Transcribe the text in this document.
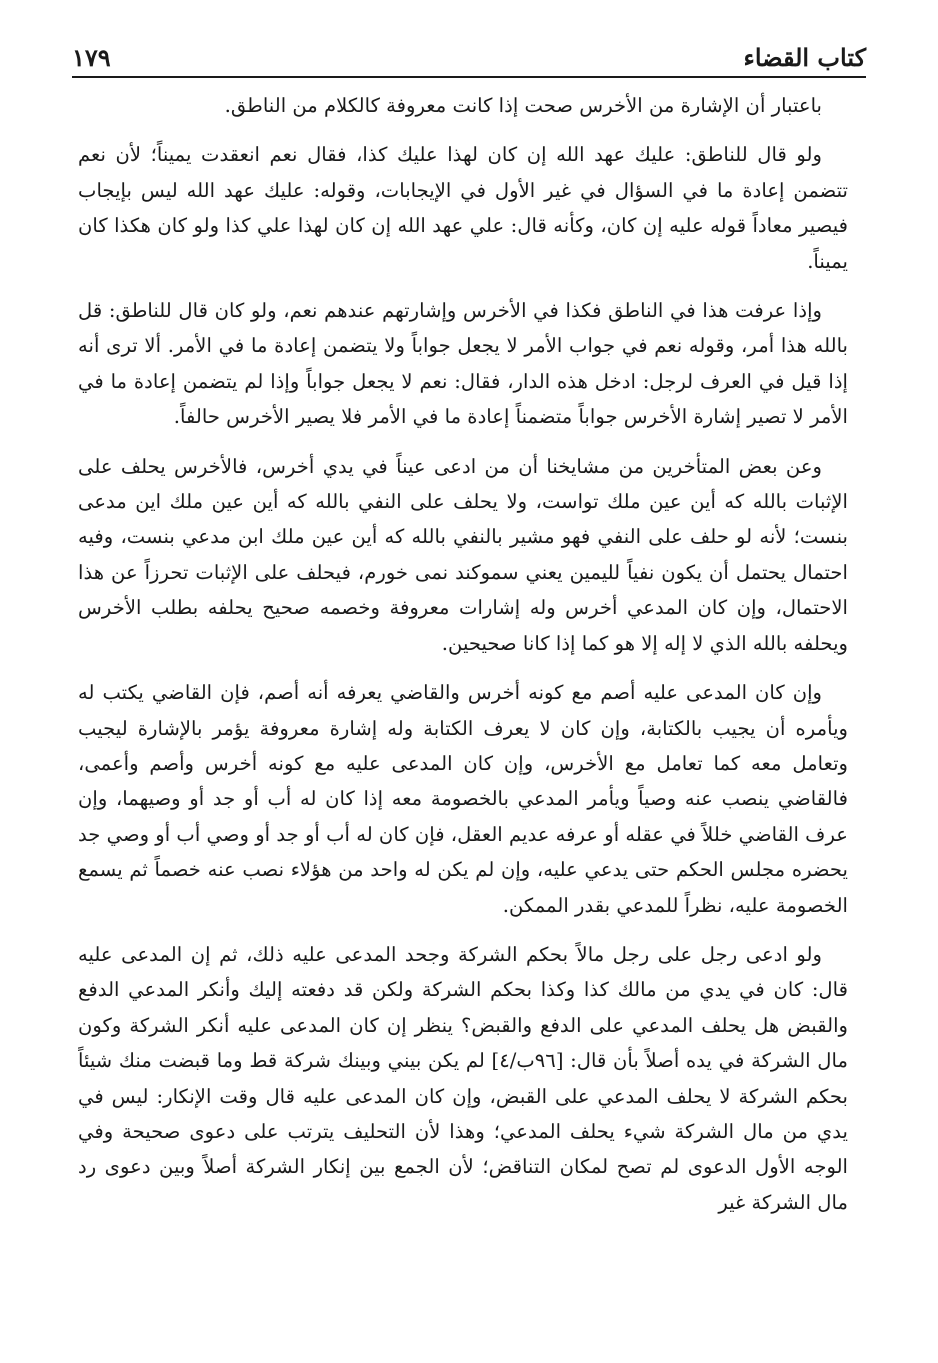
١٧٩	كتاب القضاء

باعتبار أن الإشارة من الأخرس صحت إذا كانت معروفة كالكلام من الناطق.

ولو قال للناطق: عليك عهد الله إن كان لهذا عليك كذا، فقال نعم انعقدت يميناً؛ لأن نعم تتضمن إعادة ما في السؤال في غير الأول في الإيجابات، وقوله: عليك عهد الله ليس بإيجاب فيصير معاداً قوله عليه إن كان، وكأنه قال: علي عهد الله إن كان لهذا علي كذا ولو كان هكذا كان يميناً.

وإذا عرفت هذا في الناطق فكذا في الأخرس وإشارتهم عندهم نعم، ولو كان قال للناطق: قل بالله هذا أمر، وقوله نعم في جواب الأمر لا يجعل جواباً ولا يتضمن إعادة ما في الأمر. ألا ترى أنه إذا قيل في العرف لرجل: ادخل هذه الدار، فقال: نعم لا يجعل جواباً وإذا لم يتضمن إعادة ما في الأمر لا تصير إشارة الأخرس جواباً متضمناً إعادة ما في الأمر فلا يصير الأخرس حالفاً.

وعن بعض المتأخرين من مشايخنا أن من ادعى عيناً في يدي أخرس، فالأخرس يحلف على الإثبات بالله كه أين عين ملك تواست، ولا يحلف على النفي بالله كه أين عين ملك اين مدعى بنست؛ لأنه لو حلف على النفي فهو مشير بالنفي بالله كه أين عين ملك ابن مدعي بنست، وفيه احتمال يحتمل أن يكون نفياً لليمين يعني سموكند نمى خورم، فيحلف على الإثبات تحرزاً عن هذا الاحتمال، وإن كان المدعي أخرس وله إشارات معروفة وخصمه صحيح يحلفه بطلب الأخرس ويحلفه بالله الذي لا إله إلا هو كما إذا كانا صحيحين.

وإن كان المدعى عليه أصم مع كونه أخرس والقاضي يعرفه أنه أصم، فإن القاضي يكتب له ويأمره أن يجيب بالكتابة، وإن كان لا يعرف الكتابة وله إشارة معروفة يؤمر بالإشارة ليجيب وتعامل معه كما تعامل مع الأخرس، وإن كان المدعى عليه مع كونه أخرس وأصم وأعمى، فالقاضي ينصب عنه وصياً ويأمر المدعي بالخصومة معه إذا كان له أب أو جد أو وصيهما، وإن عرف القاضي خللاً في عقله أو عرفه عديم العقل، فإن كان له أب أو جد أو وصي أب أو وصي جد يحضره مجلس الحكم حتى يدعي عليه، وإن لم يكن له واحد من هؤلاء نصب عنه خصماً ثم يسمع الخصومة عليه، نظراً للمدعي بقدر الممكن.

ولو ادعى رجل على رجل مالاً بحكم الشركة وجحد المدعى عليه ذلك، ثم إن المدعى عليه قال: كان في يدي من مالك كذا وكذا بحكم الشركة ولكن قد دفعته إليك وأنكر المدعي الدفع والقبض هل يحلف المدعي على الدفع والقبض؟ ينظر إن كان المدعى عليه أنكر الشركة وكون مال الشركة في يده أصلاً بأن قال: [٩٦ب/٤] لم يكن بيني وبينك شركة قط وما قبضت منك شيئاً بحكم الشركة لا يحلف المدعي على القبض، وإن كان المدعى عليه قال وقت الإنكار: ليس في يدي من مال الشركة شيء يحلف المدعي؛ وهذا لأن التحليف يترتب على دعوى صحيحة وفي الوجه الأول الدعوى لم تصح لمكان التناقض؛ لأن الجمع بين إنكار الشركة أصلاً وبين دعوى رد مال الشركة غير
